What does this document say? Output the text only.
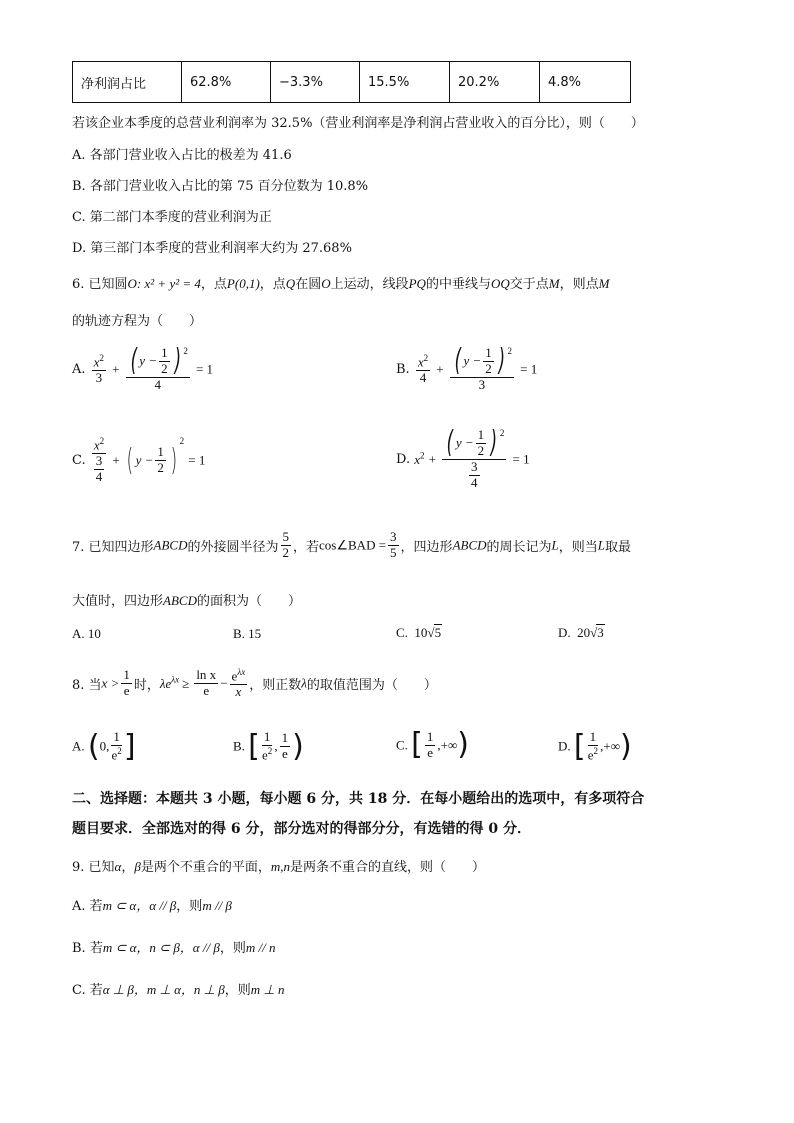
净利润占比	62.8%	−3.3%	15.5%	20.2%	4.8%
若该企业本季度的总营业利润率为 32.5%（营业利润率是净利润占营业收入的百分比），则（　　）
A. 各部门营业收入占比的极差为 41.6
B. 各部门营业收入占比的第 75 百分位数为 10.8%
C. 第二部门本季度的营业利润为正
D. 第三部门本季度的营业利润率大约为 27.68%
6. 已知圆O: x² + y² = 4，点P(0,1)，点Q在圆O上运动，线段PQ的中垂线与OQ交于点M，则点M
的轨迹方程为（　　）
A. $\frac{x^2}{3} + \frac{( y - \frac{1}{2} ) ^2}{4} = 1$	B. $\frac{x^2}{4} + \frac{( y - \frac{1}{2} ) ^2}{3} = 1$
C. $\frac{x^2}{\frac{3}{4}}$ + ( $y - \frac{1}{2} )^2 = 1$	D. $x^2 + \frac{( y - \frac{1}{2} ) ^2}{\frac{3}{4}} = 1$
7. 已知四边形ABCD的外接圆半径为 $\frac{5}{2}$ ，若cos∠BAD = $\frac{3}{5}$ ，四边形ABCD的周长记为L，则当L取最
大值时，四边形ABCD的面积为（　　）
A. 10	B. 15	C. 10√5	D. 20√3
8. 当$x > \frac{1}{e}$ 时，$\lambda e^{\lambda x} \ge \frac{\text{ln x}}{e} - \frac{e^{\lambda x}}{x}$ ，则正数λ的取值范围为（　　）
A. (0, $\frac{1}{e^2}$ ]	B. [ $\frac{1}{e^2}$ , $\frac{1}{e}$ )	C. [ $\frac{1}{e}$ ,+∞)	D. [ $\frac{1}{e^2}$ ,+∞)
二、选择题：本题共 3 小题，每小题 6 分，共 18 分．在每小题给出的选项中，有多项符合
题目要求．全部选对的得 6 分，部分选对的得部分分，有选错的得 0 分．
9. 已知α，β是两个不重合的平面，m,n是两条不重合的直线，则（　　）
A. 若m ⊂ α，α // β，则m // β
B. 若m ⊂ α，n ⊂ β，α // β，则m // n
C. 若α ⊥ β，m ⊥ α，n ⊥ β，则m ⊥ n
